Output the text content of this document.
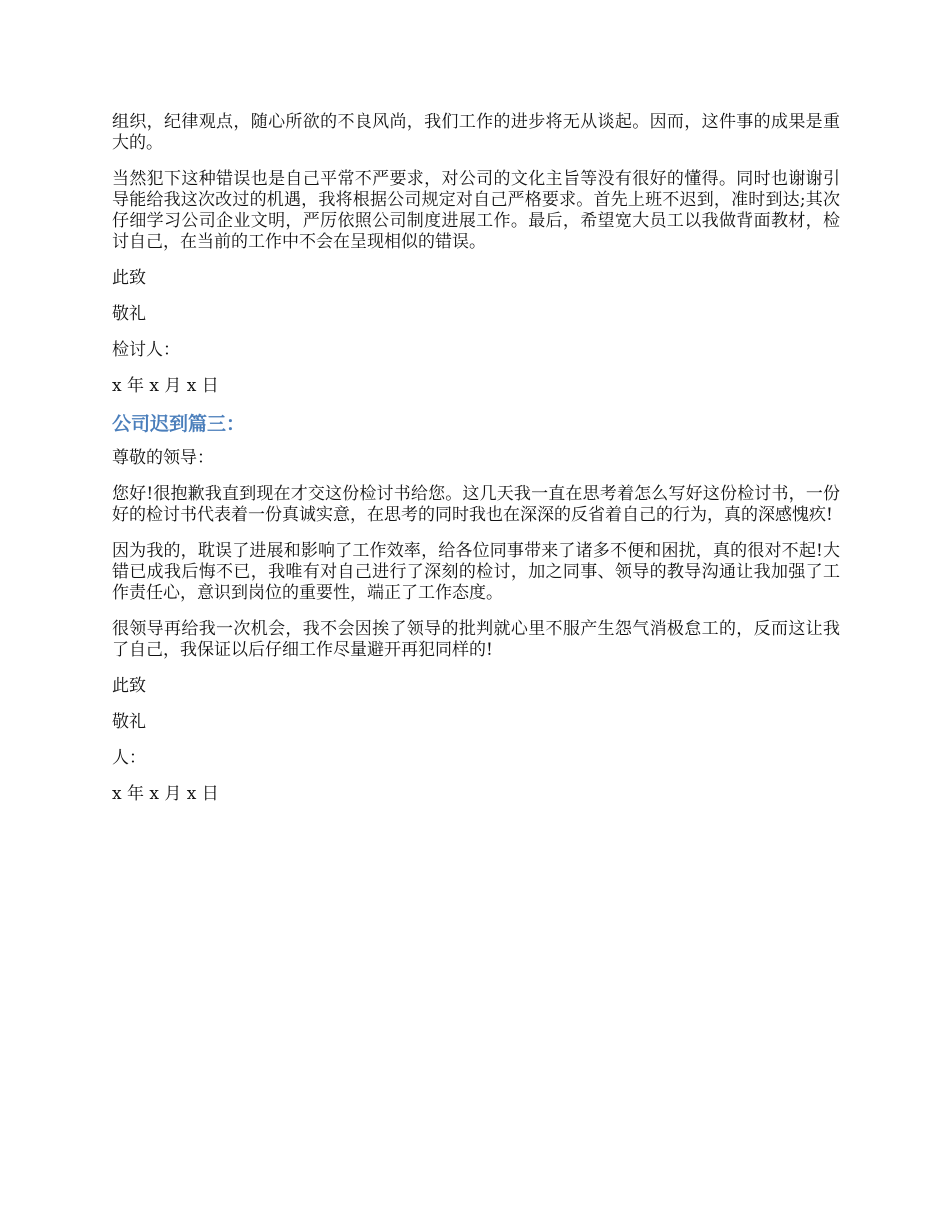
组织，纪律观点，随心所欲的不良风尚，我们工作的进步将无从谈起。因而，这件事的成果是重大的。

当然犯下这种错误也是自己平常不严要求，对公司的文化主旨等没有很好的懂得。同时也谢谢引导能给我这次改过的机遇，我将根据公司规定对自己严格要求。首先上班不迟到，准时到达;其次仔细学习公司企业文明，严厉依照公司制度进展工作。最后，希望宽大员工以我做背面教材，检讨自己，在当前的工作中不会在呈现相似的错误。

此致

敬礼

检讨人：

x 年 x 月 x 日

公司迟到篇三：

尊敬的领导：

您好!很抱歉我直到现在才交这份检讨书给您。这几天我一直在思考着怎么写好这份检讨书，一份好的检讨书代表着一份真诚实意，在思考的同时我也在深深的反省着自己的行为，真的深感愧疚!

因为我的，耽误了进展和影响了工作效率，给各位同事带来了诸多不便和困扰，真的很对不起!大错已成我后悔不已，我唯有对自己进行了深刻的检讨，加之同事、领导的教导沟通让我加强了工作责任心，意识到岗位的重要性，端正了工作态度。

很领导再给我一次机会，我不会因挨了领导的批判就心里不服产生怨气消极怠工的，反而这让我了自己，我保证以后仔细工作尽量避开再犯同样的!

此致

敬礼

人：

x 年 x 月 x 日
